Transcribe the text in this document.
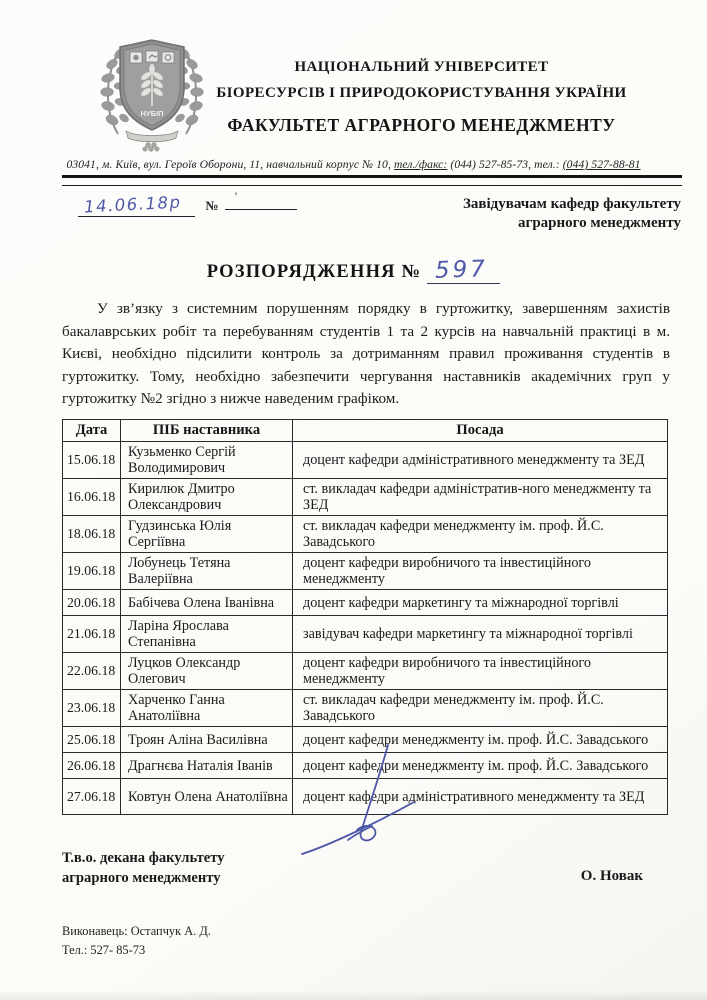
НУБІП
НАЦІОНАЛЬНИЙ УНІВЕРСИТЕТ
БІОРЕСУРСІВ І ПРИРОДОКОРИСТУВАННЯ УКРАЇНИ
ФАКУЛЬТЕТ АГРАРНОГО МЕНЕДЖМЕНТУ
03041, м. Київ, вул. Героїв Оборони, 11, навчальний корпус № 10, тел./факс: (044) 527-85-73, тел.: (044) 527-88-81
14.06.18р №
’	Завідувачам кафедр факультету
аграрного менеджменту
РОЗПОРЯДЖЕННЯ № 597

У зв’язку з системним порушенням порядку в гуртожитку, завершенням захистів бакалаврських робіт та перебуванням студентів 1 та 2 курсів на навчальній практиці в м. Києві, необхідно підсилити контроль за дотриманням правил проживання студентів в гуртожитку. Тому, необхідно забезпечити чергування наставників академічних груп у гуртожитку №2 згідно з нижче наведеним графіком.

Дата	ПІБ наставника	Посада
15.06.18	Кузьменко Сергій Володимирович	доцент кафедри адміністративного менеджменту та ЗЕД
16.06.18	Кирилюк Дмитро Олександрович	ст. викладач кафедри адміністратив-ного менеджменту та ЗЕД
18.06.18	Гудзинська Юлія Сергіївна	ст. викладач кафедри менеджменту ім. проф. Й.С. Завадського
19.06.18	Лобунець Тетяна Валеріївна	доцент кафедри виробничого та інвестиційного менеджменту
20.06.18	Бабічева Олена Іванівна	доцент кафедри маркетингу та міжнародної торгівлі
21.06.18	Ларіна Ярослава Степанівна	завідувач кафедри маркетингу та міжнародної торгівлі
22.06.18	Луцков Олександр Олегович	доцент кафедри виробничого та інвестиційного менеджменту
23.06.18	Харченко Ганна Анатоліївна	ст. викладач кафедри менеджменту ім. проф. Й.С. Завадського
25.06.18	Троян Аліна Василівна	доцент кафедри менеджменту ім. проф. Й.С. Завадського
26.06.18	Драгнєва Наталія Іванів	доцент кафедри менеджменту ім. проф. Й.С. Завадського
27.06.18	Ковтун Олена Анатоліївна	доцент кафедри адміністративного менеджменту та ЗЕД
Т.в.о. декана факультету
аграрного менеджменту	О. Новак
Виконавець: Остапчук А. Д.
Тел.: 527- 85-73
